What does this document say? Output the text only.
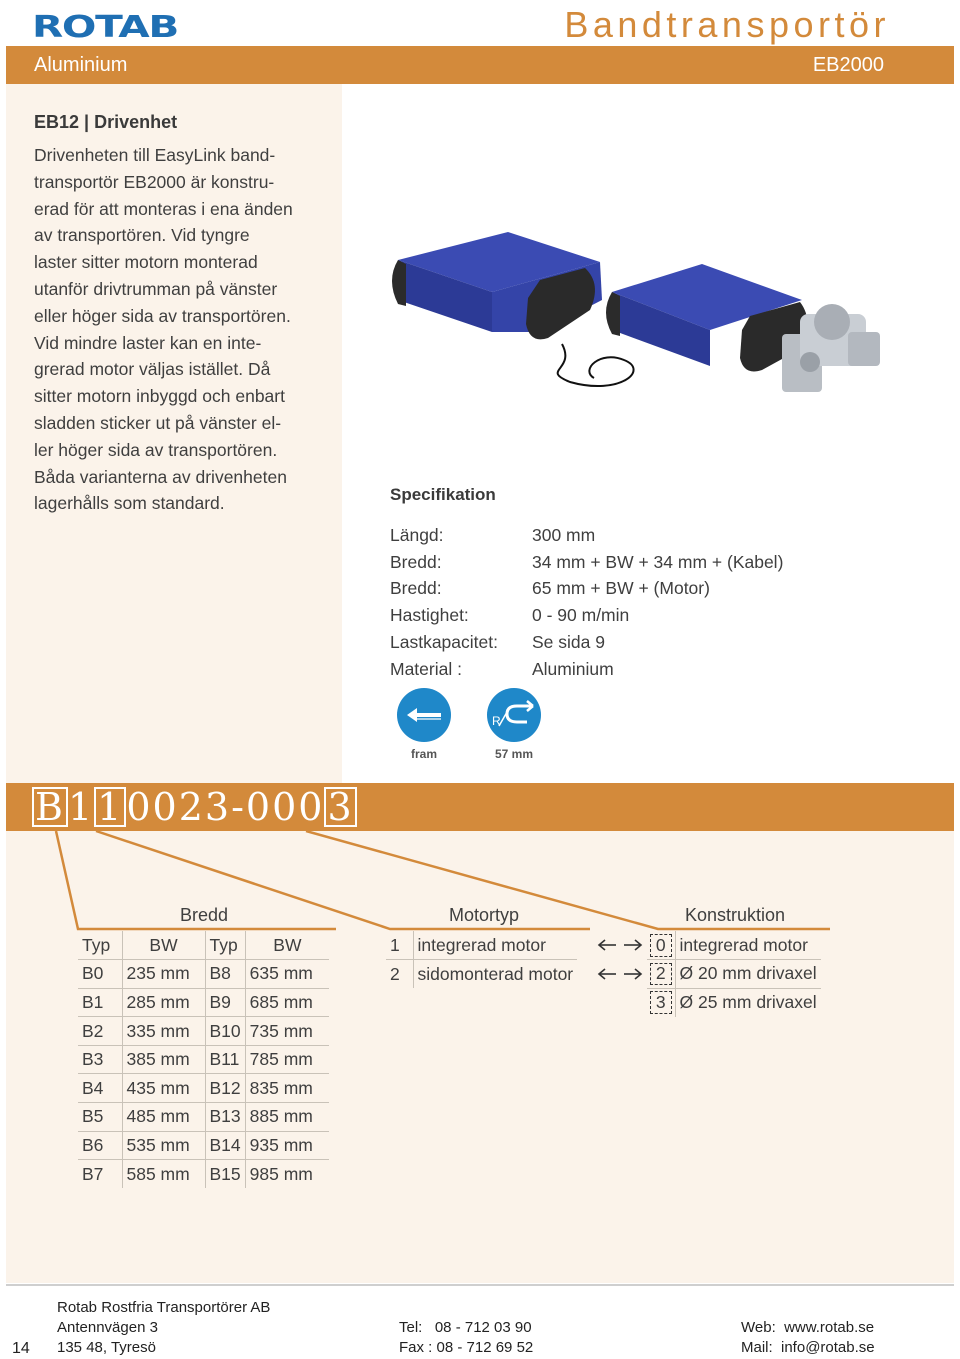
ROTAB	Bandtransportör
Aluminium	EB2000
EB12 | Drivenhet
Drivenheten till EasyLink band-
transportör EB2000 är konstru-
erad för att monteras i ena änden
av transportören. Vid tyngre
laster sitter motorn monterad
utanför drivtrumman på vänster
eller höger sida av transportören.
Vid mindre laster kan en inte-
grerad motor väljas istället. Då
sitter motorn inbyggd och enbart
sladden sticker ut på vänster el-
ler höger sida av transportören.
Båda varianterna av drivenheten
lagerhålls som standard.	Specifikation
Längd:	300 mm
Bredd:	34 mm + BW + 34 mm + (Kabel)
Bredd:	65 mm + BW + (Motor)
Hastighet:	0 - 90 m/min
Lastkapacitet:	Se sida 9
Material :	Aluminium
R
fram	57 mm
B 1 1 0 0 2 3 - 0 0 0 3
Bredd	Motortyp	Konstruktion
Typ	BW	Typ	BW
B0	235 mm	B8	635 mm
B1	285 mm	B9	685 mm
B2	335 mm	B10	735 mm
B3	385 mm	B11	785 mm
B4	435 mm	B12	835 mm
B5	485 mm	B13	885 mm
B6	535 mm	B14	935 mm
B7	585 mm	B15	985 mm
1	integrerad motor
2	sidomonterad motor
0	integrerad motor
2	Ø 20 mm drivaxel
3	Ø 25 mm drivaxel
14
Rotab Rostfria Transportörer AB
Antennvägen 3
135 48, Tyresö
Tel:   08 - 712 03 90
Fax : 08 - 712 69 52
Web:  www.rotab.se
Mail:  info@rotab.se
